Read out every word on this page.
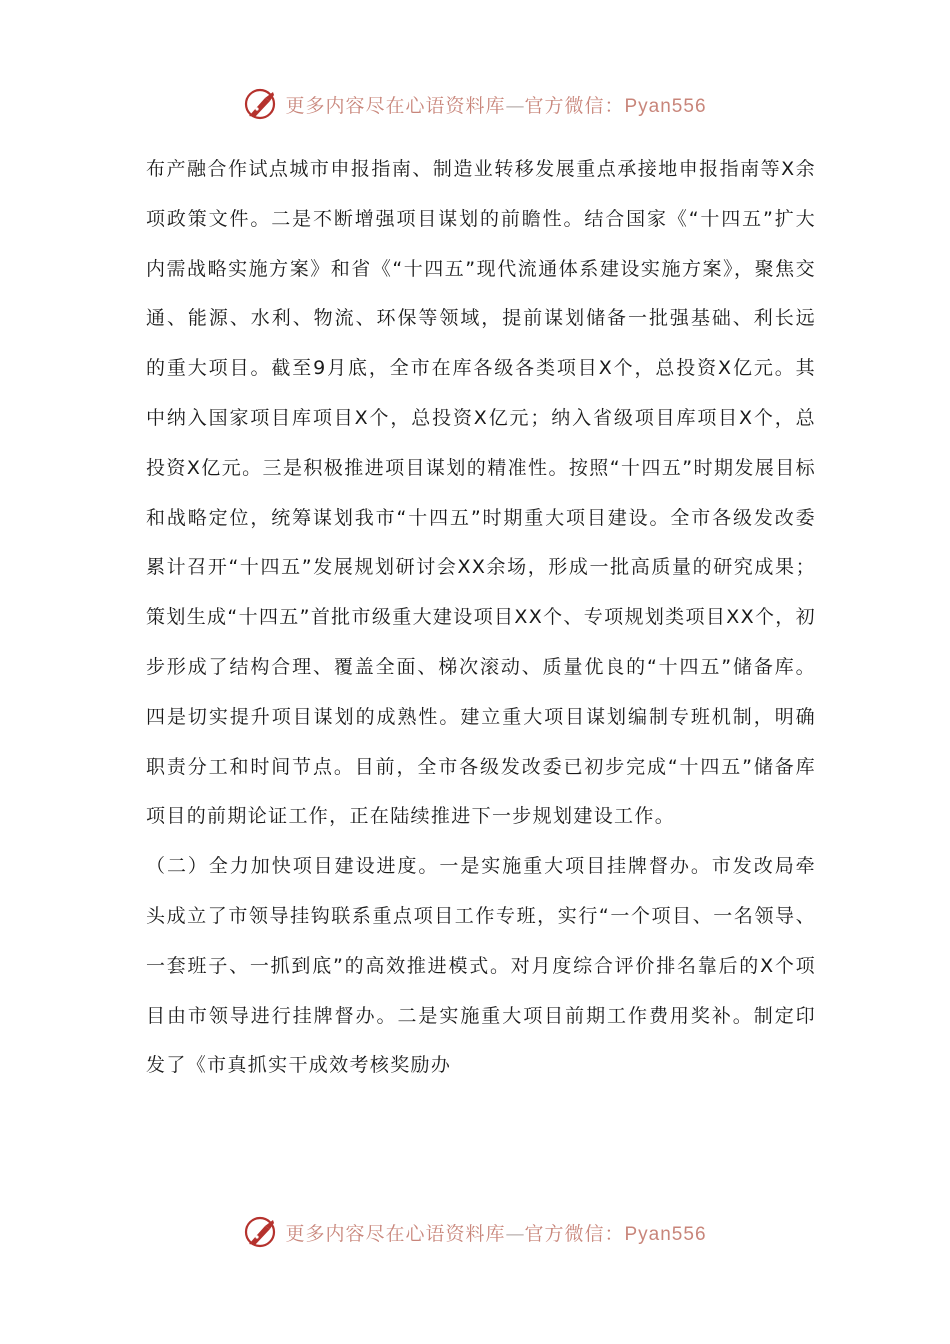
更多内容尽在心语资料库—官方微信：Pyan556

布产融合作试点城市申报指南、制造业转移发展重点承接地申报指南等X余项政策文件。二是不断增强项目谋划的前瞻性。结合国家《“十四五”扩大内需战略实施方案》和省《“十四五”现代流通体系建设实施方案》，聚焦交通、能源、水利、物流、环保等领域，提前谋划储备一批强基础、利长远的重大项目。截至9月底，全市在库各级各类项目X个，总投资X亿元。其中纳入国家项目库项目X个，总投资X亿元；纳入省级项目库项目X个，总投资X亿元。三是积极推进项目谋划的精准性。按照“十四五”时期发展目标和战略定位，统筹谋划我市“十四五”时期重大项目建设。全市各级发改委累计召开“十四五”发展规划研讨会XX余场，形成一批高质量的研究成果；策划生成“十四五”首批市级重大建设项目XX个、专项规划类项目XX个，初步形成了结构合理、覆盖全面、梯次滚动、质量优良的“十四五”储备库。四是切实提升项目谋划的成熟性。建立重大项目谋划编制专班机制，明确职责分工和时间节点。目前，全市各级发改委已初步完成“十四五”储备库项目的前期论证工作，正在陆续推进下一步规划建设工作。

（二）全力加快项目建设进度。一是实施重大项目挂牌督办。市发改局牵头成立了市领导挂钩联系重点项目工作专班，实行“一个项目、一名领导、一套班子、一抓到底”的高效推进模式。对月度综合评价排名靠后的X个项目由市领导进行挂牌督办。二是实施重大项目前期工作费用奖补。制定印发了《市真抓实干成效考核奖励办

更多内容尽在心语资料库—官方微信：Pyan556
